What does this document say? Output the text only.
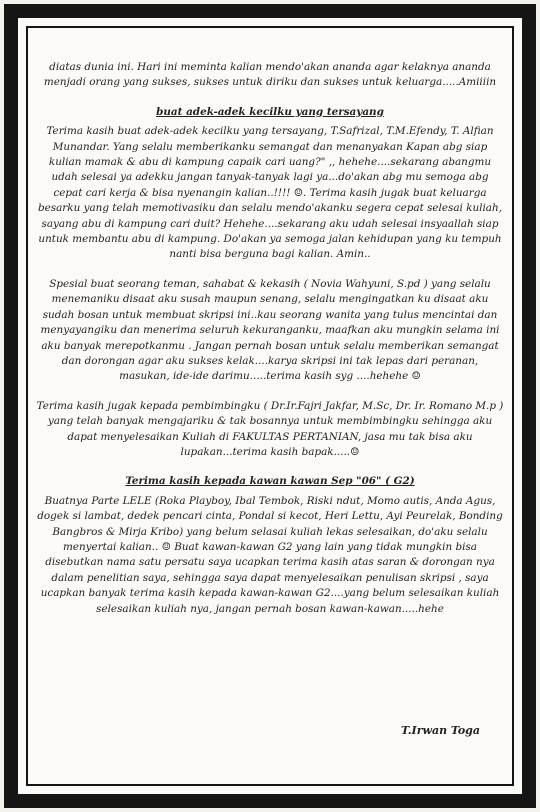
diatas dunia ini. Hari ini meminta kalian mendo'akan ananda agar kelaknya ananda menjadi orang yang sukses, sukses untuk diriku dan sukses untuk keluarga.....Amiiiin

buat adek-adek kecilku yang tersayang

Terima kasih buat adek-adek kecilku yang tersayang, T.Safrizal, T.M.Efendy, T. Alfian Munandar. Yang selalu memberikanku semangat dan menanyakan Kapan abg siap kulian mamak & abu di kampung capaik cari uang?" ,, hehehe....sekarang abangmu udah selesai ya adekku jangan tanyak-tanyak lagi ya...do'akan abg mu semoga abg cepat cari kerja & bisa nyenangin kalian..!!!! ☺. Terima kasih jugak buat keluarga besarku yang telah memotivasiku dan selalu mendo'akanku segera cepat selesai kuliah, sayang abu di kampung cari duit? Hehehe....sekarang aku udah selesai insyaallah siap untuk membantu abu di kampung. Do'akan ya semoga jalan kehidupan yang ku tempuh nanti bisa berguna bagi kalian. Amin..

Spesial buat seorang teman, sahabat & kekasih ( Novia Wahyuni, S.pd ) yang selalu menemaniku disaat aku susah maupun senang, selalu mengingatkan ku disaat aku sudah bosan untuk membuat skripsi ini..kau seorang wanita yang tulus mencintai dan menyayangiku dan menerima seluruh kekuranganku, maafkan aku mungkin selama ini aku banyak merepotkanmu . Jangan pernah bosan untuk selalu memberikan semangat dan dorongan agar aku sukses kelak....karya skripsi ini tak lepas dari peranan, masukan, ide-ide darimu.....terima kasih syg ....hehehe ☺

Terima kasih jugak kepada pembimbingku ( Dr.Ir.Fajri Jakfar, M.Sc, Dr. Ir. Romano M.p ) yang telah banyak mengajariku & tak bosannya untuk membimbingku sehingga aku dapat menyelesaikan Kuliah di FAKULTAS PERTANIAN, jasa mu tak bisa aku lupakan...terima kasih bapak.....☺

Terima kasih kepada kawan kawan Sep "06" ( G2)

Buatnya Parte LELE (Roka Playboy, Ibal Tembok, Riski ndut, Momo autis, Anda Agus, dogek si lambat, dedek pencari cinta, Pondal si kecot, Heri Lettu, Ayi Peurelak, Bonding Bangbros & Mirja Kribo) yang belum selasai kuliah lekas selesaikan, do'aku selalu menyertai kalian.. ☺ Buat kawan-kawan G2 yang lain yang tidak mungkin bisa disebutkan nama satu persatu saya ucapkan terima kasih atas saran & dorongan nya dalam penelitian saya, sehingga saya dapat menyelesaikan penulisan skripsi , saya ucapkan banyak terima kasih kepada kawan-kawan G2....yang belum selesaikan kuliah selesaikan kuliah nya, jangan pernah bosan kawan-kawan.....hehe

T.Irwan Toga
